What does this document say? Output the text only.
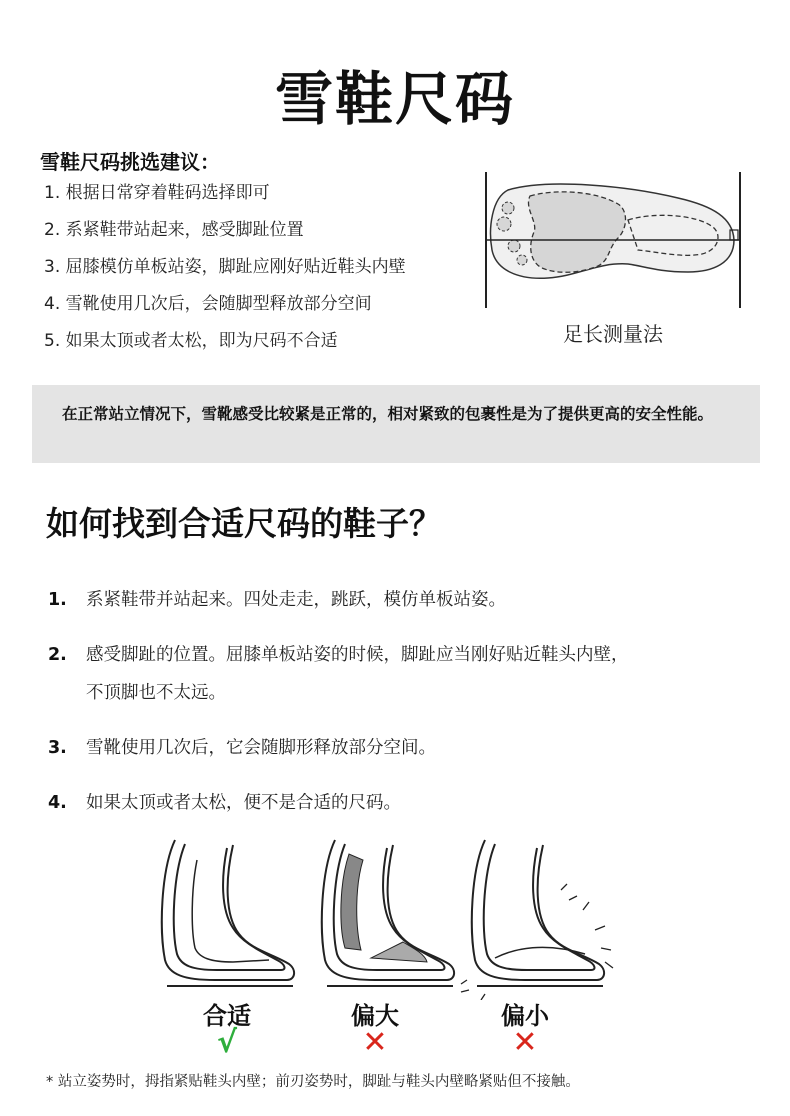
雪鞋尺码
雪鞋尺码挑选建议：
1. 根据日常穿着鞋码选择即可
2. 系紧鞋带站起来，感受脚趾位置
3. 屈膝模仿单板站姿，脚趾应刚好贴近鞋头内壁
4. 雪靴使用几次后，会随脚型释放部分空间
5. 如果太顶或者太松，即为尺码不合适	足长测量法
在正常站立情况下，雪靴感受比较紧是正常的，相对紧致的包裹性是为了提供更高的安全性能。
如何找到合适尺码的鞋子？
1. 系紧鞋带并站起来。四处走走，跳跃，模仿单板站姿。
2. 感受脚趾的位置。屈膝单板站姿的时候，脚趾应当刚好贴近鞋头内壁，
不顶脚也不太远。
3. 雪靴使用几次后，它会随脚形释放部分空间。
4. 如果太顶或者太松，便不是合适的尺码。
合适	偏大	偏小
√	✕	✕
* 站立姿势时，拇指紧贴鞋头内壁；前刃姿势时，脚趾与鞋头内壁略紧贴但不接触。
